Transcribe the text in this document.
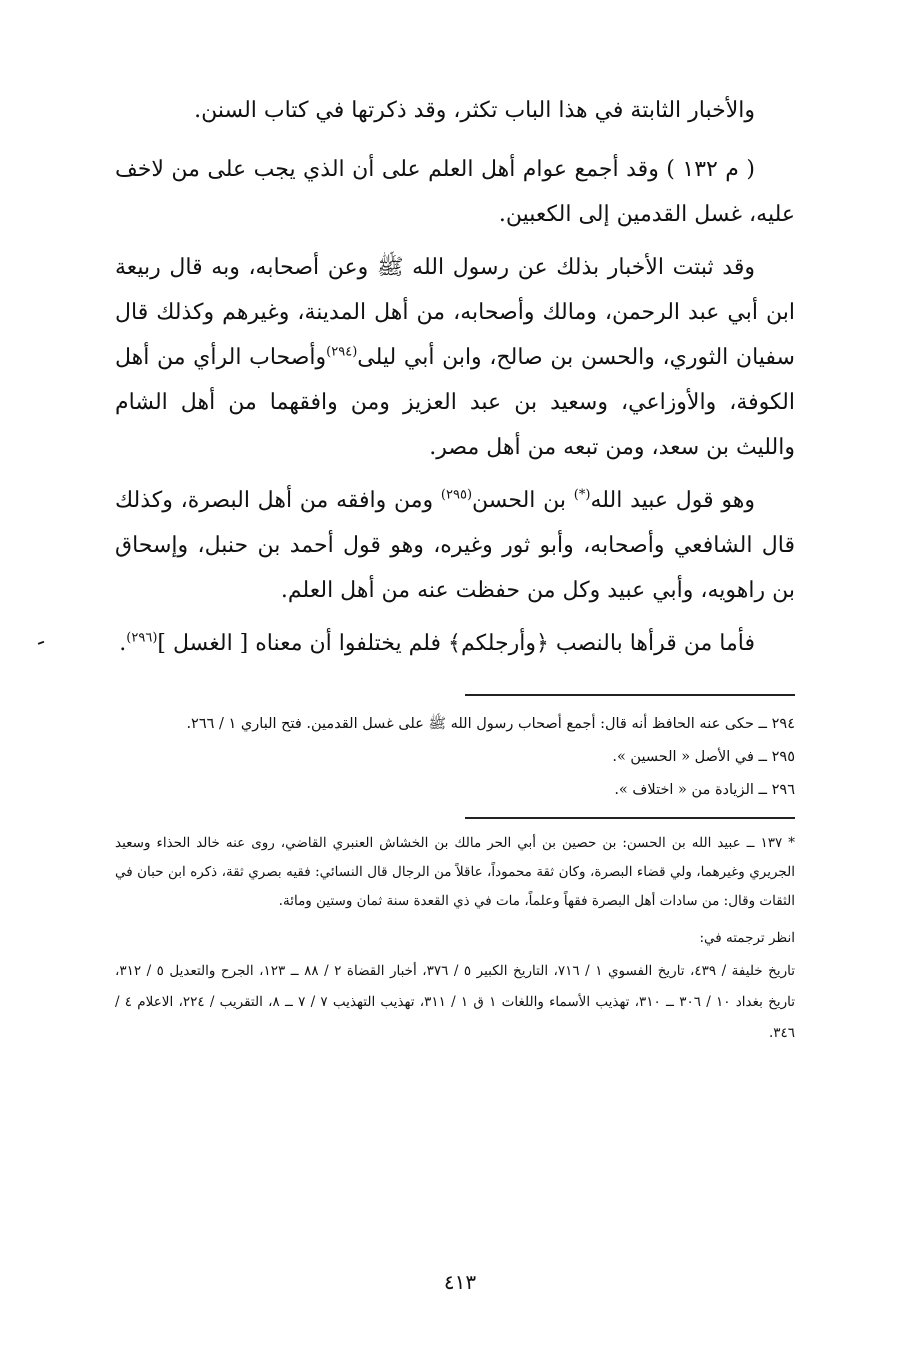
والأخبار الثابتة في هذا الباب تكثر، وقد ذكرتها في كتاب السنن.

( م ١٣٢ ) وقد أجمع عوام أهل العلم على أن الذي يجب على من لاخف عليه، غسل القدمين إلى الكعبين.

وقد ثبتت الأخبار بذلك عن رسول الله ﷺ وعن أصحابه، وبه قال ربيعة ابن أبي عبد الرحمن، ومالك وأصحابه، من أهل المدينة، وغيرهم وكذلك قال سفيان الثوري، والحسن بن صالح، وابن أبي ليلى$^{(٢٩٤)}$وأصحاب الرأي من أهل الكوفة، والأوزاعي، وسعيد بن عبد العزيز ومن وافقهما من أهل الشام والليث بن سعد، ومن تبعه من أهل مصر.

وهو قول عبيد الله(*) بن الحسن$^{(٢٩٥)}$ ومن وافقه من أهل البصرة، وكذلك قال الشافعي وأصحابه، وأبو ثور وغيره، وهو قول أحمد بن حنبل، وإسحاق بن راهويه، وأبي عبيد وكل من حفظت عنه من أهل العلم.

فأما من قرأها بالنصب ﴿وأرجلكم﴾ فلم يختلفوا أن معناه [ الغسل ]$^{(٢٩٦)}$.

٢٩٤ ــ حكى عنه الحافظ أنه قال: أجمع أصحاب رسول الله ﷺ على غسل القدمين. فتح الباري ١ / ٢٦٦.

٢٩٥ ــ في الأصل « الحسين ».

٢٩٦ ــ الزيادة من « اختلاف ».

* ١٣٧ ــ عبيد الله بن الحسن: بن حصين بن أبي الحر مالك بن الخشاش العنبري القاضي، روى عنه خالد الحذاء وسعيد الجريري وغيرهما، ولي قضاء البصرة، وكان ثقة محموداً، عاقلاً من الرجال قال النسائي: فقيه بصري ثقة، ذكره ابن حبان في الثقات وقال: من سادات أهل البصرة فقهاً وعلماً، مات في ذي القعدة سنة ثمان وستين ومائة.

انظر ترجمته في:

تاريخ خليفة / ٤٣٩، تاريخ الفسوي ١ / ٧١٦، التاريخ الكبير ٥ / ٣٧٦، أخبار القضاة ٢ / ٨٨ ــ ١٢٣، الجرح والتعديل ٥ / ٣١٢، تاريخ بغداد ١٠ / ٣٠٦ ــ ٣١٠، تهذيب الأسماء واللغات ١ ق ١ / ٣١١، تهذيب التهذيب ٧ / ٧ ــ ٨، التقريب / ٢٢٤، الاعلام ٤ / ٣٤٦.

ـ
٤١٣
